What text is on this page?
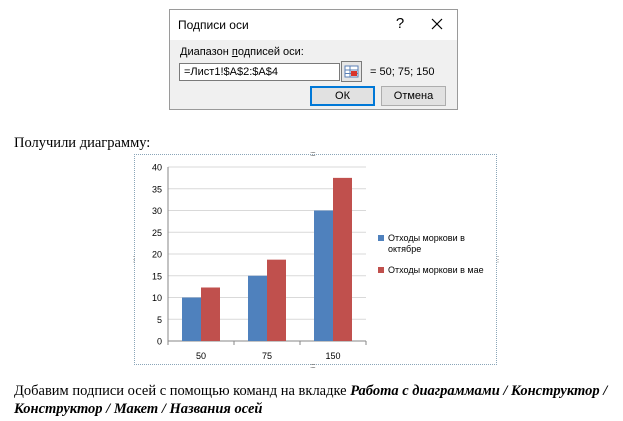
Подписи оси	?
Диапазон подписей оси:
=Лист1!$A$2:$A$4
= 50; 75; 150
ОК	Отмена
Получили диаграмму:
0
5
10
15
20
25
30
35
40
50	75	150
Отходы моркови в
октябре
Отходы моркови в мае
::::
::::
⋮	⋮
Добавим подписи осей с помощью команд на вкладке Работа с диаграммами / Конструктор / Конструктор / Макет / Названия осей
